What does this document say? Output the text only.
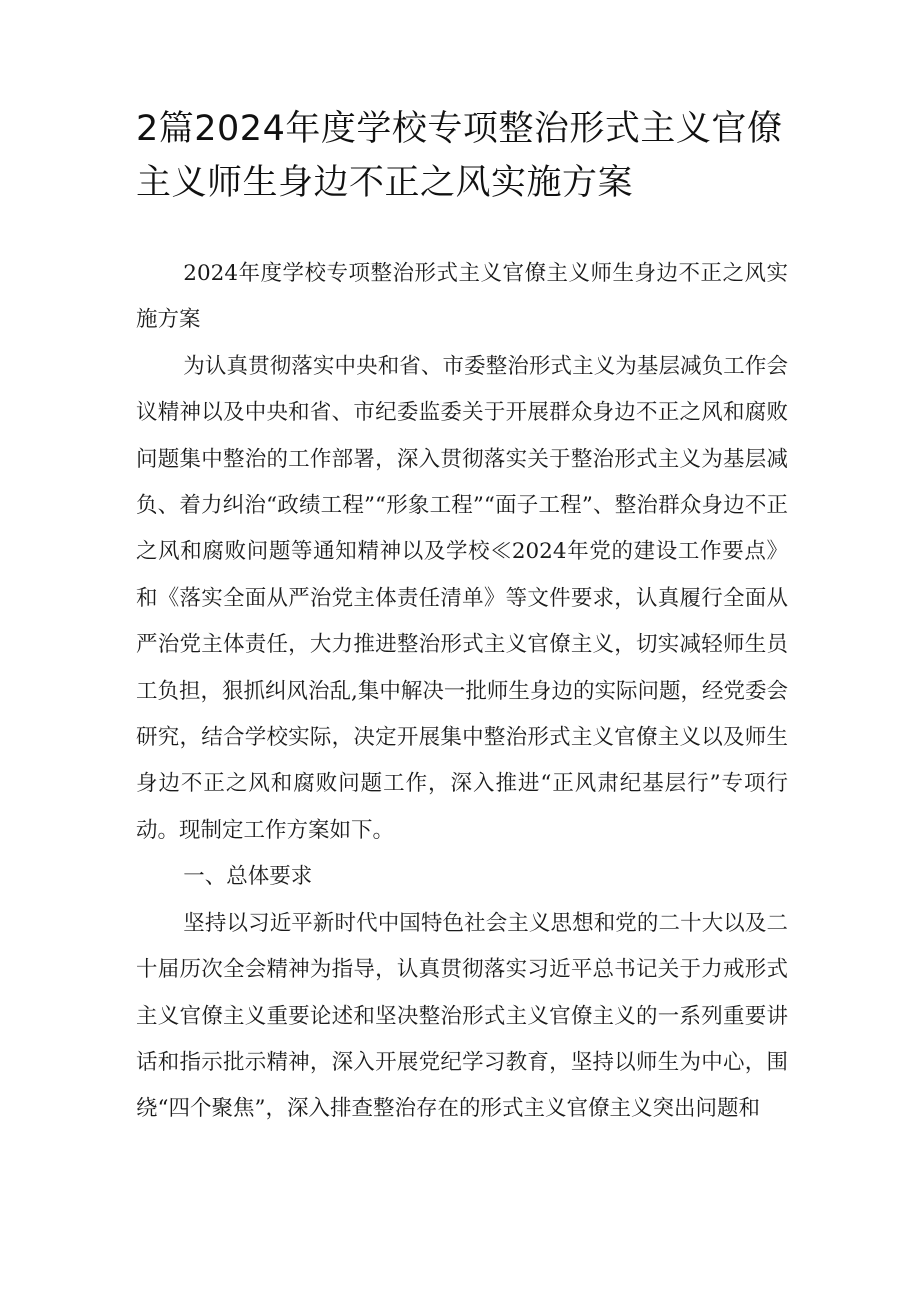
2篇2024年度学校专项整治形式主义官僚主义师生身边不正之风实施方案

2024年度学校专项整治形式主义官僚主义师生身边不正之风实施方案

为认真贯彻落实中央和省、市委整治形式主义为基层减负工作会议精神以及中央和省、市纪委监委关于开展群众身边不正之风和腐败问题集中整治的工作部署，深入贯彻落实关于整治形式主义为基层减负、着力纠治“政绩工程”“形象工程”“面子工程”、整治群众身边不正之风和腐败问题等通知精神以及学校≪2024年党的建设工作要点》和《落实全面从严治党主体责任清单》等文件要求，认真履行全面从严治党主体责任，大力推进整治形式主义官僚主义，切实减轻师生员工负担，狠抓纠风治乱,集中解决一批师生身边的实际问题，经党委会研究，结合学校实际，决定开展集中整治形式主义官僚主义以及师生身边不正之风和腐败问题工作，深入推进“正风肃纪基层行”专项行动。现制定工作方案如下。

一、总体要求

坚持以习近平新时代中国特色社会主义思想和党的二十大以及二十届历次全会精神为指导，认真贯彻落实习近平总书记关于力戒形式主义官僚主义重要论述和坚决整治形式主义官僚主义的一系列重要讲话和指示批示精神，深入开展党纪学习教育，坚持以师生为中心，围绕“四个聚焦”，深入排查整治存在的形式主义官僚主义突出问题和
